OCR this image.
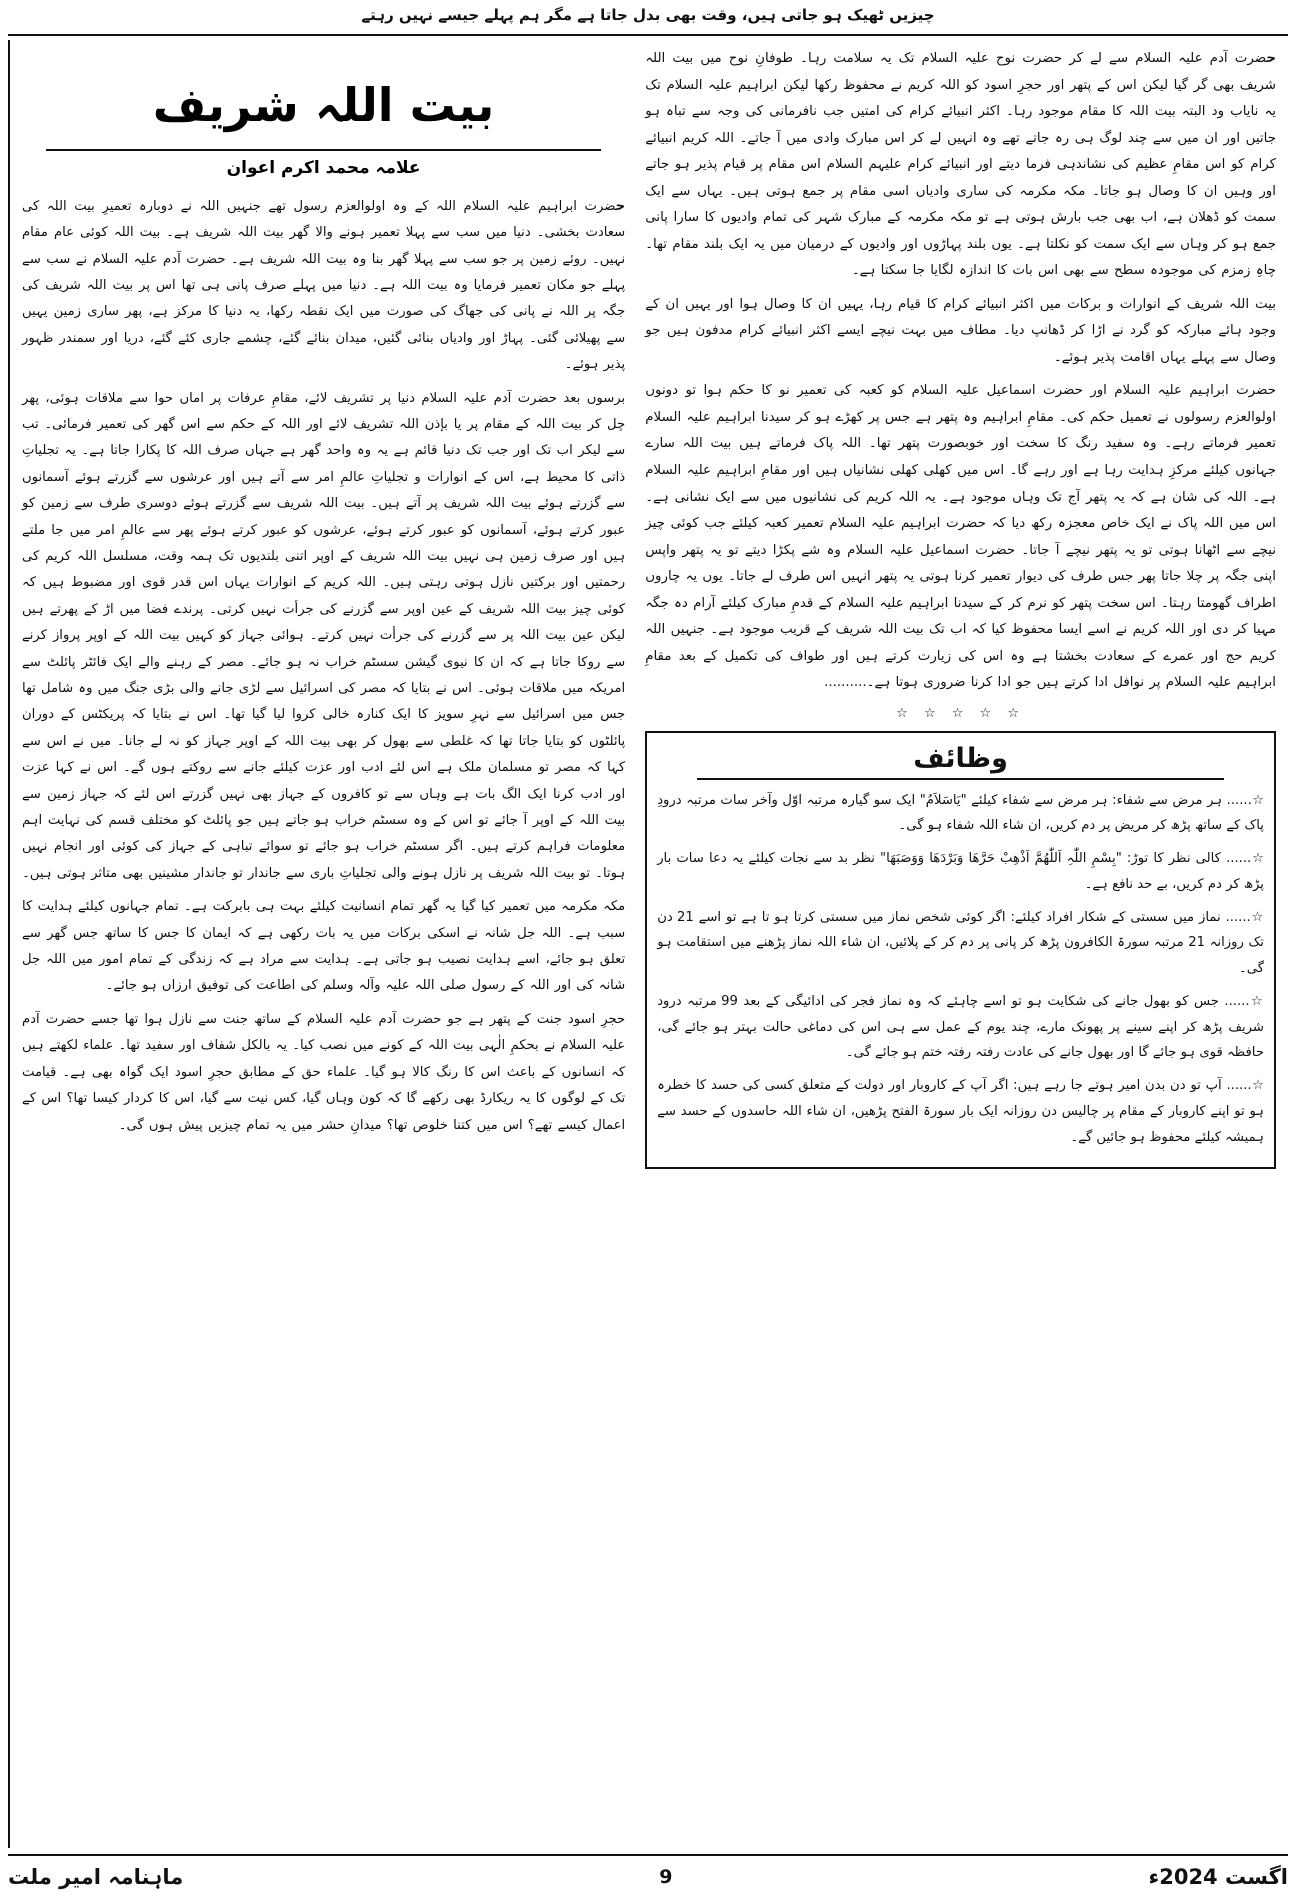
چیزیں ٹھیک ہو جاتی ہیں، وقت بھی بدل جاتا ہے مگر ہم پہلے جیسے نہیں رہتے
بیت اللہ شریف
علامہ محمد اکرم اعوان

حضرت ابراہیم علیہ السلام اللہ کے وہ اولوالعزم رسول تھے جنہیں اللہ نے دوبارہ تعمیرِ بیت اللہ کی سعادت بخشی۔ دنیا میں سب سے پہلا تعمیر ہونے والا گھر بیت اللہ شریف ہے۔ بیت اللہ کوئی عام مقام نہیں۔ روئے زمین پر جو سب سے پہلا گھر بنا وہ بیت اللہ شریف ہے۔ حضرت آدم علیہ السلام نے سب سے پہلے جو مکان تعمیر فرمایا وہ بیت اللہ ہے۔ دنیا میں پہلے صرف پانی ہی تھا اس پر بیت اللہ شریف کی جگہ پر اللہ نے پانی کی جھاگ کی صورت میں ایک نقطہ رکھا، یہ دنیا کا مرکز ہے، پھر ساری زمین یہیں سے پھیلائی گئی۔ پہاڑ اور وادیاں بنائی گئیں، میدان بنائے گئے، چشمے جاری کئے گئے، دریا اور سمندر ظہور پذیر ہوئے۔

برسوں بعد حضرت آدم علیہ السلام دنیا پر تشریف لائے، مقامِ عرفات پر اماں حوا سے ملاقات ہوئی، پھر چل کر بیت اللہ کے مقام پر یا بإذن اللہ تشریف لائے اور اللہ کے حکم سے اس گھر کی تعمیر فرمائی۔ تب سے لیکر اب تک اور جب تک دنیا قائم ہے یہ وہ واحد گھر ہے جہاں صرف اللہ کا پکارا جاتا ہے۔ یہ تجلیاتِ ذاتی کا محیط ہے، اس کے انوارات و تجلیاتِ عالمِ امر سے آتے ہیں اور عرشوں سے گزرتے ہوئے آسمانوں سے گزرتے ہوئے بیت اللہ شریف پر آتے ہیں۔ بیت اللہ شریف سے گزرتے ہوئے دوسری طرف سے زمین کو عبور کرتے ہوئے، آسمانوں کو عبور کرتے ہوئے، عرشوں کو عبور کرتے ہوئے پھر سے عالمِ امر میں جا ملتے ہیں اور صرف زمین ہی نہیں بیت اللہ شریف کے اوپر اتنی بلندیوں تک ہمہ وقت، مسلسل اللہ کریم کی رحمتیں اور برکتیں نازل ہوتی رہتی ہیں۔ اللہ کریم کے انوارات یہاں اس قدر قوی اور مضبوط ہیں کہ کوئی چیز بیت اللہ شریف کے عین اوپر سے گزرنے کی جرأت نہیں کرتی۔ پرندے فضا میں اڑ کے پھرتے ہیں لیکن عین بیت اللہ پر سے گزرنے کی جرأت نہیں کرتے۔ ہوائی جہاز کو کہیں بیت اللہ کے اوپر پرواز کرنے سے روکا جاتا ہے کہ ان کا نیوی گیشن سسٹم خراب نہ ہو جائے۔ مصر کے رہنے والے ایک فائٹر پائلٹ سے امریکہ میں ملاقات ہوئی۔ اس نے بتایا کہ مصر کی اسرائیل سے لڑی جانے والی بڑی جنگ میں وہ شامل تھا جس میں اسرائیل سے نہرِ سویز کا ایک کنارہ خالی کروا لیا گیا تھا۔ اس نے بتایا کہ پریکٹس کے دوران پائلٹوں کو بتایا جاتا تھا کہ غلطی سے بھول کر بھی بیت اللہ کے اوپر جہاز کو نہ لے جانا۔ میں نے اس سے کہا کہ مصر تو مسلمان ملک ہے اس لئے ادب اور عزت کیلئے جانے سے روکتے ہوں گے۔ اس نے کہا عزت اور ادب کرنا ایک الگ بات ہے وہاں سے تو کافروں کے جہاز بھی نہیں گزرتے اس لئے کہ جہاز زمین سے بیت اللہ کے اوپر آ جائے تو اس کے وہ سسٹم خراب ہو جاتے ہیں جو پائلٹ کو مختلف قسم کی نہایت اہم معلومات فراہم کرتے ہیں۔ اگر سسٹم خراب ہو جائے تو سوائے تباہی کے جہاز کی کوئی اور انجام نہیں ہوتا۔ تو بیت اللہ شریف پر نازل ہونے والی تجلیاتِ باری سے جاندار تو جاندار مشینیں بھی متاثر ہوتی ہیں۔

مکہ مکرمہ میں تعمیر کیا گیا یہ گھر تمام انسانیت کیلئے بہت ہی بابرکت ہے۔ تمام جہانوں کیلئے ہدایت کا سبب ہے۔ اللہ جل شانہ نے اسکی برکات میں یہ بات رکھی ہے کہ ایمان کا جس کا ساتھ جس گھر سے تعلق ہو جائے، اسے ہدایت نصیب ہو جاتی ہے۔ ہدایت سے مراد ہے کہ زندگی کے تمام امور میں اللہ جل شانہ کی اور اللہ کے رسول صلی اللہ علیہ وآلہ وسلم کی اطاعت کی توفیق ارزاں ہو جائے۔

حجرِ اسود جنت کے پتھر ہے جو حضرت آدم علیہ السلام کے ساتھ جنت سے نازل ہوا تھا جسے حضرت آدم علیہ السلام نے بحکمِ الٰہی بیت اللہ کے کونے میں نصب کیا۔ یہ بالکل شفاف اور سفید تھا۔ علماء لکھتے ہیں کہ انسانوں کے باعث اس کا رنگ کالا ہو گیا۔ علماء حق کے مطابق حجرِ اسود ایک گواہ بھی ہے۔ قیامت تک کے لوگوں کا یہ ریکارڈ بھی رکھے گا کہ کون وہاں گیا، کس نیت سے گیا، اس کا کردار کیسا تھا؟ اس کے اعمال کیسے تھے؟ اس میں کتنا خلوص تھا؟ میدانِ حشر میں یہ تمام چیزیں پیش ہوں گی۔

حضرت آدم علیہ السلام سے لے کر حضرت نوح علیہ السلام تک یہ سلامت رہا۔ طوفانِ نوح میں بیت اللہ شریف بھی گر گیا لیکن اس کے پتھر اور حجرِ اسود کو اللہ کریم نے محفوظ رکھا لیکن ابراہیم علیہ السلام تک یہ نایاب ود البتہ بیت اللہ کا مقام موجود رہا۔ اکثر انبیائے کرام کی امتیں جب نافرمانی کی وجہ سے تباہ ہو جاتیں اور ان میں سے چند لوگ ہی رہ جاتے تھے وہ انہیں لے کر اس مبارک وادی میں آ جاتے۔ اللہ کریم انبیائے کرام کو اس مقامِ عظیم کی نشاندہی فرما دیتے اور انبیائے کرام علیہم السلام اس مقام پر قیام پذیر ہو جاتے اور وہیں ان کا وصال ہو جاتا۔ مکہ مکرمہ کی ساری وادیاں اسی مقام پر جمع ہوتی ہیں۔ یہاں سے ایک سمت کو ڈھلان ہے، اب بھی جب بارش ہوتی ہے تو مکہ مکرمہ کے مبارک شہر کی تمام وادیوں کا سارا پانی جمع ہو کر وہاں سے ایک سمت کو نکلتا ہے۔ یوں بلند پہاڑوں اور وادیوں کے درمیان میں یہ ایک بلند مقام تھا۔ چاہِ زمزم کی موجودہ سطح سے بھی اس بات کا اندازہ لگایا جا سکتا ہے۔

بیت اللہ شریف کے انوارات و برکات میں اکثر انبیائے کرام کا قیام رہا، یہیں ان کا وصال ہوا اور یہیں ان کے وجود ہائے مبارکہ کو گرد نے اڑا کر ڈھانپ دیا۔ مطاف میں بہت نیچے ایسے اکثر انبیائے کرام مدفون ہیں جو وصال سے پہلے یہاں اقامت پذیر ہوئے۔

حضرت ابراہیم علیہ السلام اور حضرت اسماعیل علیہ السلام کو کعبہ کی تعمیر نو کا حکم ہوا تو دونوں اولوالعزم رسولوں نے تعمیل حکم کی۔ مقامِ ابراہیم وہ پتھر ہے جس پر کھڑے ہو کر سیدنا ابراہیم علیہ السلام تعمیر فرماتے رہے۔ وہ سفید رنگ کا سخت اور خوبصورت پتھر تھا۔ اللہ پاک فرماتے ہیں بیت اللہ سارے جہانوں کیلئے مرکزِ ہدایت رہا ہے اور رہے گا۔ اس میں کھلی کھلی نشانیاں ہیں اور مقامِ ابراہیم علیہ السلام ہے۔ اللہ کی شان ہے کہ یہ پتھر آج تک وہاں موجود ہے۔ یہ اللہ کریم کی نشانیوں میں سے ایک نشانی ہے۔ اس میں اللہ پاک نے ایک خاص معجزہ رکھ دیا کہ حضرت ابراہیم علیہ السلام تعمیر کعبہ کیلئے جب کوئی چیز نیچے سے اٹھانا ہوتی تو یہ پتھر نیچے آ جاتا۔ حضرت اسماعیل علیہ السلام وہ شے پکڑا دیتے تو یہ پتھر واپس اپنی جگہ پر چلا جاتا پھر جس طرف کی دیوار تعمیر کرنا ہوتی یہ پتھر انہیں اس طرف لے جاتا۔ یوں یہ چاروں اطراف گھومتا رہتا۔ اس سخت پتھر کو نرم کر کے سیدنا ابراہیم علیہ السلام کے قدمِ مبارک کیلئے آرام دہ جگہ مہیا کر دی اور اللہ کریم نے اسے ایسا محفوظ کیا کہ اب تک بیت اللہ شریف کے قریب موجود ہے۔ جنہیں اللہ کریم حج اور عمرے کے سعادت بخشتا ہے وہ اس کی زیارت کرتے ہیں اور طواف کی تکمیل کے بعد مقامِ ابراہیم علیہ السلام پر نوافل ادا کرتے ہیں جو ادا کرنا ضروری ہوتا ہے۔..........

☆ ☆ ☆ ☆ ☆
وظائف
☆...... ہر مرض سے شفاء: ہر مرض سے شفاء کیلئے "یَاسَلاَمُ" ایک سو گیارہ مرتبہ اوّل وآخر سات مرتبہ درودِ پاک کے ساتھ پڑھ کر مریض پر دم کریں، ان شاء اللہ شفاء ہو گی۔
☆...... کالی نظر کا توڑ: "بِسْمِ اللّٰہِ اَللّٰھُمَّ اَذْھِبْ حَرَّھَا وَبَرْدَھَا وَوَصَبَھَا" نظر بد سے نجات کیلئے یہ دعا سات بار پڑھ کر دم کریں، بے حد نافع ہے۔
☆...... نماز میں سستی کے شکار افراد کیلئے: اگر کوئی شخص نماز میں سستی کرتا ہو تا ہے تو اسے 21 دن تک روزانہ 21 مرتبہ سورۃ الکافرون پڑھ کر پانی پر دم کر کے پلائیں، ان شاء اللہ نماز پڑھنے میں استقامت ہو گی۔
☆...... جس کو بھول جانے کی شکایت ہو تو اسے چاہئے کہ وہ نماز فجر کی ادائیگی کے بعد 99 مرتبہ درود شریف پڑھ کر اپنے سینے پر پھونک مارے، چند یوم کے عمل سے ہی اس کی دماغی حالت بہتر ہو جائے گی، حافظہ قوی ہو جائے گا اور بھول جانے کی عادت رفتہ رفتہ ختم ہو جائے گی۔
☆...... آپ تو دن بدن امیر ہوتے جا رہے ہیں: اگر آپ کے کاروبار اور دولت کے متعلق کسی کی حسد کا خطرہ ہو تو اپنے کاروبار کے مقام پر چالیس دن روزانہ ایک بار سورۃ الفتح پڑھیں، ان شاء اللہ حاسدوں کے حسد سے ہمیشہ کیلئے محفوظ ہو جائیں گے۔
اگست 2024ء
9
ماہنامہ امیر ملت
